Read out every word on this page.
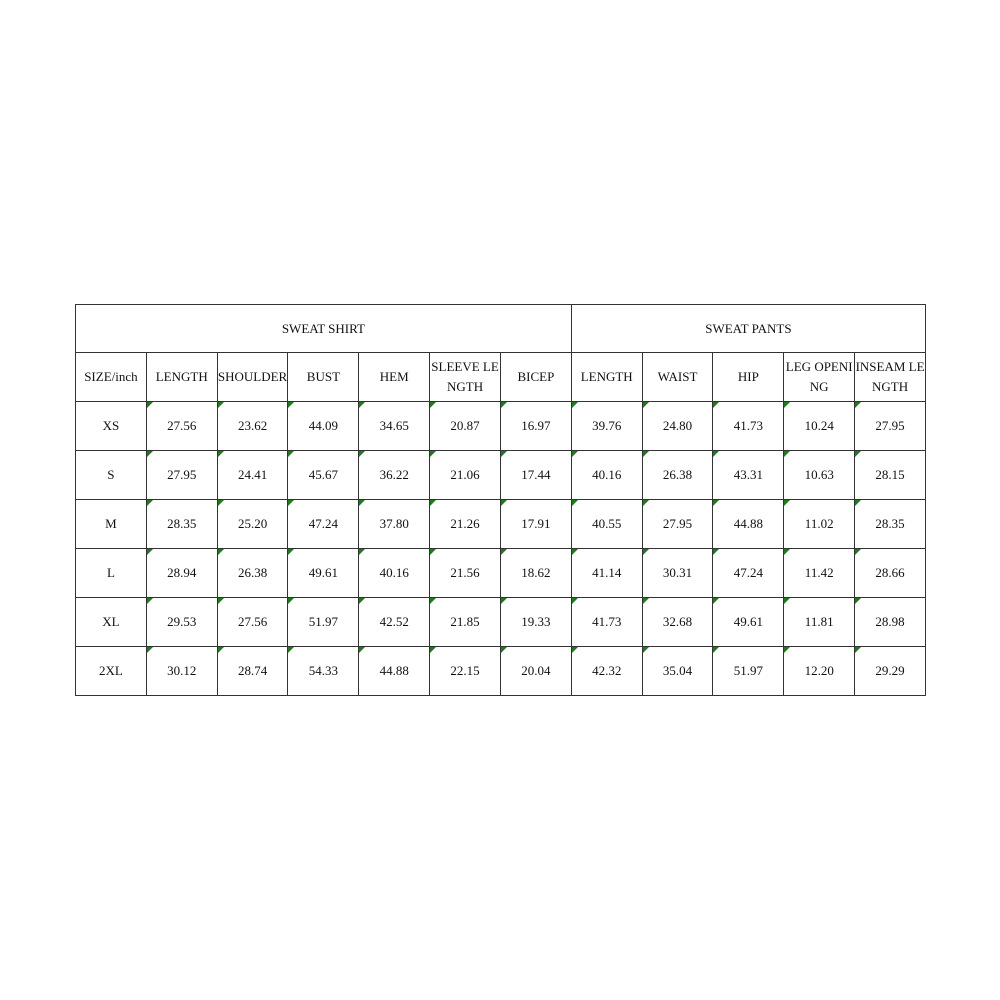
SWEAT SHIRT							SWEAT PANTS				
SIZE/inch	LENGTH	SHOULDER	BUST	HEM	SLEEVE LENGTH	BICEP	LENGTH	WAIST	HIP	LEG OPENING	INSEAM LENGTH
XS	27.56	23.62	44.09	34.65	20.87	16.97	39.76	24.80	41.73	10.24	27.95
S	27.95	24.41	45.67	36.22	21.06	17.44	40.16	26.38	43.31	10.63	28.15
M	28.35	25.20	47.24	37.80	21.26	17.91	40.55	27.95	44.88	11.02	28.35
L	28.94	26.38	49.61	40.16	21.56	18.62	41.14	30.31	47.24	11.42	28.66
XL	29.53	27.56	51.97	42.52	21.85	19.33	41.73	32.68	49.61	11.81	28.98
2XL	30.12	28.74	54.33	44.88	22.15	20.04	42.32	35.04	51.97	12.20	29.29
